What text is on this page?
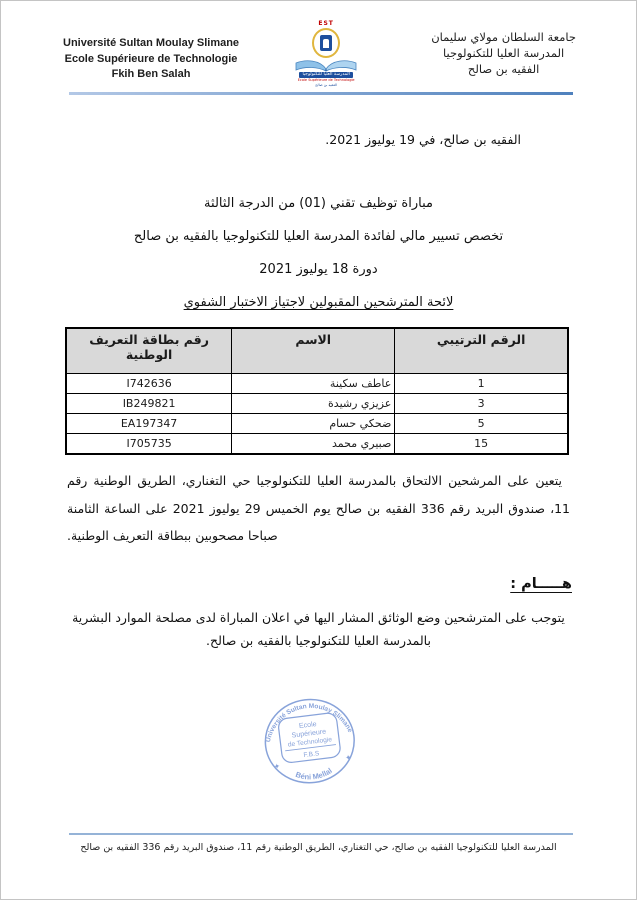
Université Sultan Moulay Slimane
Ecole Supérieure de Technologie
Fkih Ben Salah
EST
المدرسة العليا للتكنولوجيا
Ecole Supérieure de Technologie
الفقيه بن صالح
جامعة السلطان مولاي سليمان
المدرسة العليا للتكنولوجيا
الفقيه بن صالح
الفقيه بن صالح، في 19 يوليوز 2021.
مباراة توظيف تقني (01) من الدرجة الثالثة
تخصص تسيير مالي لفائدة المدرسة العليا للتكنولوجيا بالفقيه بن صالح
دورة 18 يوليوز 2021
لائحة المترشحين المقبولين لاجتياز الاختبار الشفوي
الرقم الترتيبي	الاسم	رقم بطاقة التعريف الوطنية
1	عاطف سكينة	I742636
3	عزيزي رشيدة	IB249821
5	ضحكي حسام	EA197347
15	صبيري محمد	I705735
يتعين على المرشحين الالتحاق بالمدرسة العليا للتكنولوجيا حي التغناري، الطريق الوطنية رقم 11، صندوق البريد رقم 336 الفقيه بن صالح يوم الخميس 29 يوليوز 2021 على الساعة الثامنة صباحا مصحوبين ببطاقة التعريف الوطنية.
هـــــام :
يتوجب على المترشحين وضع الوثائق المشار اليها في اعلان المباراة لدى مصلحة الموارد البشرية بالمدرسة العليا للتكنولوجيا بالفقيه بن صالح.
Université Sultan Moulay Slimane
Béni Mellal
✦
✦
Ecole
Supérieure
de Technologie
F.B.S
المدرسة العليا للتكنولوجيا الفقيه بن صالح، حي التغناري، الطريق الوطنية رقم 11، صندوق البريد رقم 336 الفقيه بن صالح
